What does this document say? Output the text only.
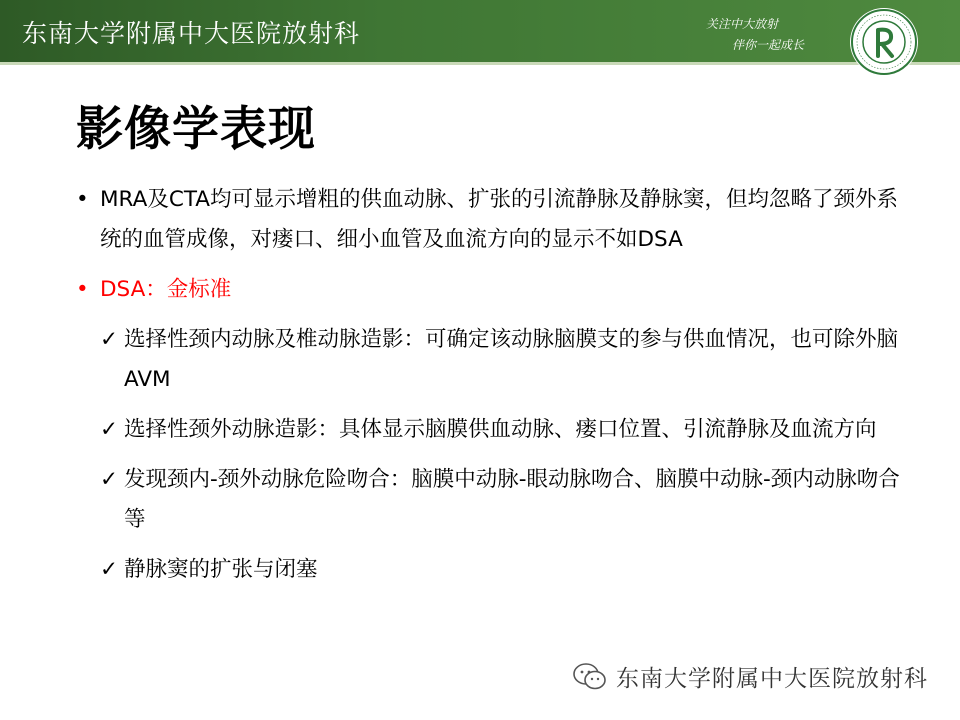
东南大学附属中大医院放射科	关注中大放射
伴你一起成长
影像学表现
• MRA及CTA均可显示增粗的供血动脉、扩张的引流静脉及静脉窦，但均忽略了颈外系统的血管成像，对瘘口、细小血管及血流方向的显示不如DSA
• DSA：金标准
✓ 选择性颈内动脉及椎动脉造影：可确定该动脉脑膜支的参与供血情况，也可除外脑AVM
✓ 选择性颈外动脉造影：具体显示脑膜供血动脉、瘘口位置、引流静脉及血流方向
✓ 发现颈内-颈外动脉危险吻合：脑膜中动脉-眼动脉吻合、脑膜中动脉-颈内动脉吻合等
✓ 静脉窦的扩张与闭塞
东南大学附属中大医院放射科
